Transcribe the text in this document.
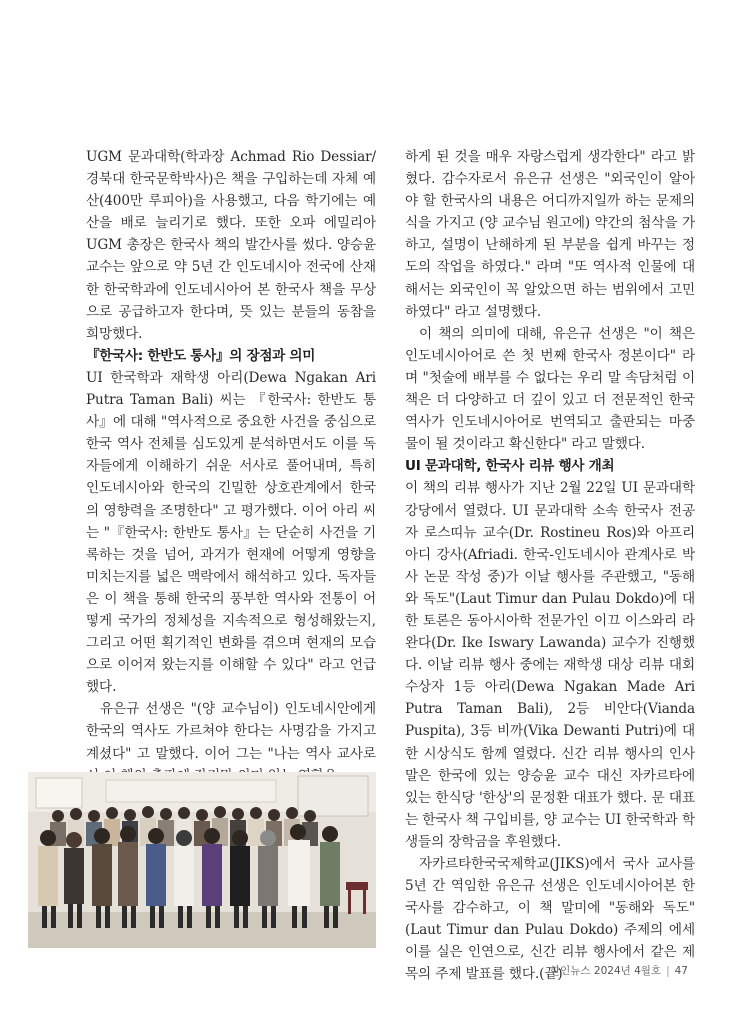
UGM 문과대학(학과장 Achmad Rio Dessiar/경북대 한국문학박사)은 책을 구입하는데 자체 예산(400만 루피아)을 사용했고, 다음 학기에는 예산을 배로 늘리기로 했다. 또한 오파 에밀리아 UGM 총장은 한국사 책의 발간사를 썼다. 양승윤 교수는 앞으로 약 5년 간 인도네시아 전국에 산재한 한국학과에 인도네시아어 본 한국사 책을 무상으로 공급하고자 한다며, 뜻 있는 분들의 동참을 희망했다.

『한국사: 한반도 통사』의 장점과 의미

UI 한국학과 재학생 아리(Dewa Ngakan Ari Putra Taman Bali) 씨는 『한국사: 한반도 통사』에 대해 "역사적으로 중요한 사건을 중심으로 한국 역사 전체를 심도있게 분석하면서도 이를 독자들에게 이해하기 쉬운 서사로 풀어내며, 특히 인도네시아와 한국의 긴밀한 상호관계에서 한국의 영향력을 조명한다" 고 평가했다. 이어 아리 씨는 "『한국사: 한반도 통사』는 단순히 사건을 기록하는 것을 넘어, 과거가 현재에 어떻게 영향을 미치는지를 넓은 맥락에서 해석하고 있다. 독자들은 이 책을 통해 한국의 풍부한 역사와 전통이 어떻게 국가의 정체성을 지속적으로 형성해왔는지, 그리고 어떤 획기적인 변화를 겪으며 현재의 모습으로 이어져 왔는지를 이해할 수 있다" 라고 언급했다.

유은규 선생은 "(양 교수님이) 인도네시안에게 한국의 역사도 가르쳐야 한다는 사명감을 가지고 계셨다" 고 말했다. 이어 그는 "나는 역사 교사로

하게 된 것을 매우 자랑스럽게 생각한다" 라고 밝혔다. 감수자로서 유은규 선생은 "외국인이 알아야 할 한국사의 내용은 어디까지일까 하는 문제의식을 가지고 (양 교수님 원고에) 약간의 첨삭을 가하고, 설명이 난해하게 된 부분을 쉽게 바꾸는 정도의 작업을 하였다." 라며 "또 역사적 인물에 대해서는 외국인이 꼭 알았으면 하는 범위에서 고민하였다" 라고 설명했다.

이 책의 의미에 대해, 유은규 선생은 "이 책은 인도네시아어로 쓴 첫 번째 한국사 정본이다" 라며 "첫술에 배부를 수 없다는 우리 말 속담처럼 이 책은 더 다양하고 더 깊이 있고 더 전문적인 한국 역사가 인도네시아어로 번역되고 출판되는 마중물이 될 것이라고 확신한다" 라고 말했다.

UI 문과대학, 한국사 리뷰 행사 개최

이 책의 리뷰 행사가 지난 2월 22일 UI 문과대학 강당에서 열렸다. UI 문과대학 소속 한국사 전공자 로스띠뉴 교수(Dr. Rostineu Ros)와 아프리아디 강사(Afriadi. 한국-인도네시아 관계사로 박사 논문 작성 중)가 이날 행사를 주관했고, "동해와 독도"(Laut Timur dan Pulau Dokdo)에 대한 토론은 동아시아학 전문가인 이끄 이스와리 라완다(Dr. Ike Iswary Lawanda) 교수가 진행했다. 이날 리뷰 행사 중에는 재학생 대상 리뷰 대회 수상자 1등 아리(Dewa Ngakan Made Ari Putra Taman Bali), 2등 비안다(Vianda Puspita), 3등 비까(Vika Dewanti Putri)에 대한 시상식도 함께 열렸다. 신간 리뷰 행사의 인사말은 한국에 있는 양승윤 교수 대신 자카르타에 있는 한식당 '한상'의 문정환 대표가 했다. 문 대표는 한국사 책 구입비를, 양 교수는 UI 한국학과 학생들의 장학금을 후원했다.

자카르타한국국제학교(JIKS)에서 국사 교사를 5년 간 역임한 유은규 선생은 인도네시아어본 한국사를 감수하고, 이 책 말미에 "동해와 독도"(Laut Timur dan Pulau Dokdo) 주제의 에세이를 실은 인연으로, 신간 리뷰 행사에서 같은 제목의 주제 발표를 했다.(끝)

한인뉴스 2024년 4월호 | 47
